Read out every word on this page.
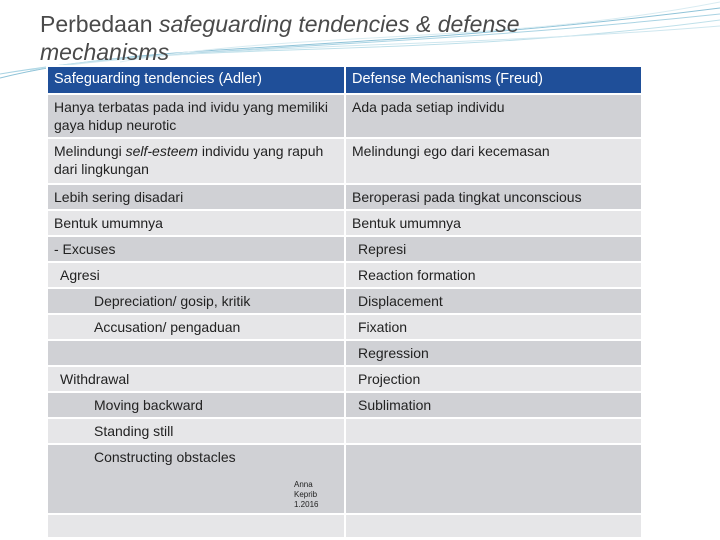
Perbedaan safeguarding tendencies & defense mechanisms
Safeguarding tendencies (Adler)	Defense Mechanisms (Freud)
Hanya terbatas pada ind ividu yang memiliki gaya hidup neurotic	Ada pada setiap individu
Melindungi self-esteem individu yang rapuh dari lingkungan	Melindungi ego dari kecemasan
Lebih sering disadari	Beroperasi pada tingkat unconscious
Bentuk umumnya	Bentuk umumnya
- Excuses	Represi
Agresi	Reaction formation
Depreciation/ gosip, kritik	Displacement
Accusation/ pengaduan	Fixation
	Regression
Withdrawal	Projection
Moving backward	Sublimation
Standing still	

Constructing obstacles
Anna Keprib 1.2016	
